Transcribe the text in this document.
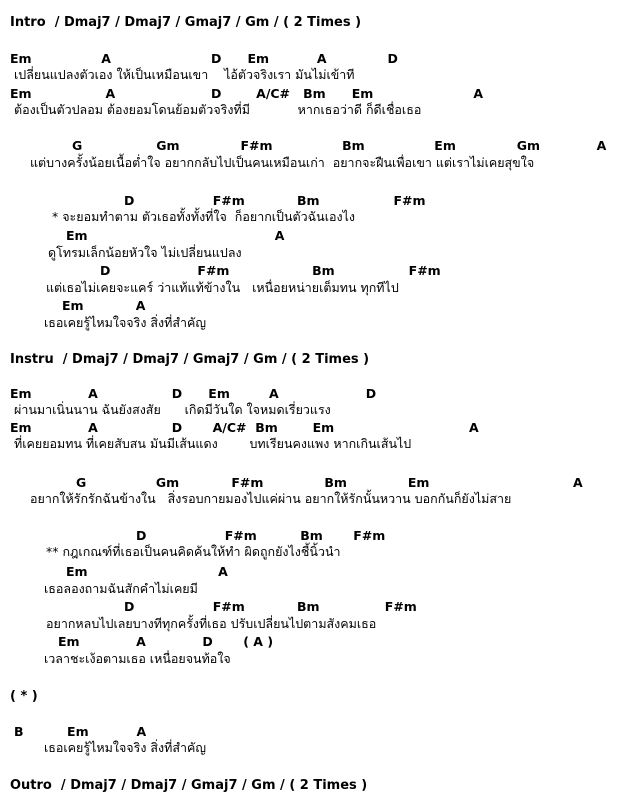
Intro  / Dmaj7 / Dmaj7 / Gmaj7 / Gm / ( 2 Times )
Em                A                       D      Em           A              D
เปลี่ยนแปลงตัวเอง ให้เป็นเหมือนเขา    ไอ้ตัวจริงเรา มันไม่เข้าที
Em                 A                      D        A/C#   Bm      Em                       A
ต้องเป็นตัวปลอม ต้องยอมโดนย้อมตัวจริงที่มี            หากเธอว่าดี ก็ดีเชื่อเธอ
G                 Gm              F#m                Bm                Em              Gm             A
แต่บางครั้งน้อยเนื้อต่ำใจ อยากกลับไปเป็นคนเหมือนเก่า  อยากจะฝืนเพื่อเขา แต่เราไม่เคยสุขใจ
D                  F#m            Bm                 F#m
* จะยอมทำตาม ตัวเธอทั้งทั้งที่ใจ  ก็อยากเป็นตัวฉันเองไง
Em                                           A
ดูโทรมเล็กน้อยหัวใจ ไม่เปลี่ยนแปลง
D                    F#m                   Bm                 F#m
แต่เธอไม่เคยจะแคร์ ว่าแท้แท้ข้างใน   เหนื่อยหน่ายเต็มทน ทุกทีไป
Em            A
เธอเคยรู้ไหมใจจริง สิ่งที่สำคัญ
Instru  / Dmaj7 / Dmaj7 / Gmaj7 / Gm / ( 2 Times )
Em             A                 D      Em         A                    D
ผ่านมาเนิ่นนาน ฉันยังสงสัย      เกิดมีวันใด ใจหมดเรี่ยวแรง
Em             A                 D       A/C#  Bm        Em                               A
ที่เคยยอมทน ที่เคยสับสน มันมีเส้นแดง        บทเรียนคงแพง หากเกินเส้นไป
G                Gm            F#m              Bm              Em                                 A
อยากให้รักรักฉันข้างใน   สิ่งรอบกายมองไปแค่ผ่าน อยากให้รักนั้นหวาน บอกกันก็ยังไม่สาย
D                  F#m          Bm       F#m
** กฎเกณฑ์ที่เธอเป็นคนคิดค้นให้ทำ ผิดถูกยังไงชี้นิ้วนำ
Em                              A
เธอลองถามฉันสักคำไม่เคยมี
D                  F#m            Bm               F#m
อยากหลบไปเลยบางทีทุกครั้งที่เธอ ปรับเปลี่ยนไปตามสังคมเธอ
Em             A             D       ( A )
เวลาชะเง้อตามเธอ เหนื่อยจนท้อใจ
( * )
B          Em           A
เธอเคยรู้ไหมใจจริง สิ่งที่สำคัญ
Outro  / Dmaj7 / Dmaj7 / Gmaj7 / Gm / ( 2 Times )
